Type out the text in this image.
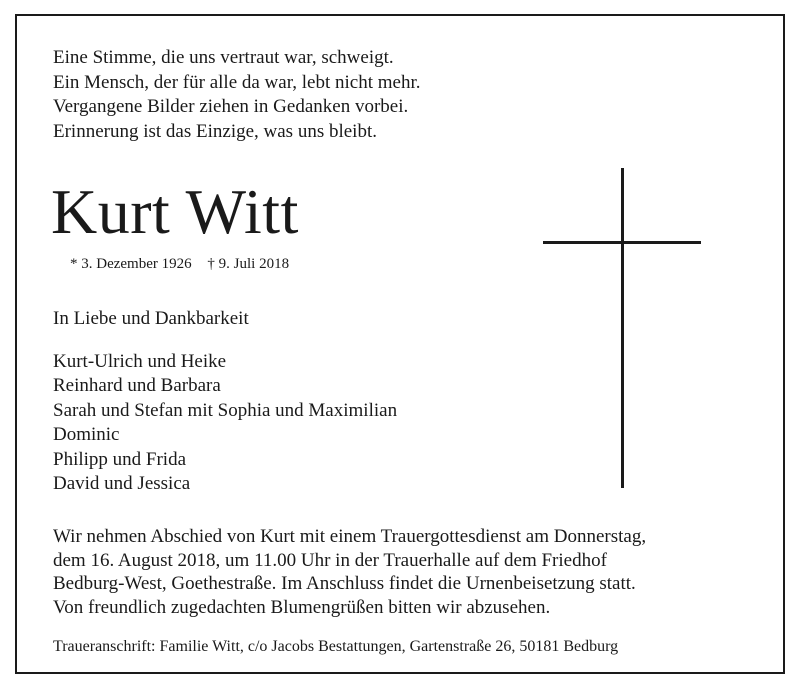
Eine Stimme, die uns vertraut war, schweigt.
Ein Mensch, der für alle da war, lebt nicht mehr.
Vergangene Bilder ziehen in Gedanken vorbei.
Erinnerung ist das Einzige, was uns bleibt.
Kurt Witt
* 3. Dezember 1926 † 9. Juli 2018
In Liebe und Dankbarkeit
Kurt-Ulrich und Heike
Reinhard und Barbara
Sarah und Stefan mit Sophia und Maximilian
Dominic
Philipp und Frida
David und Jessica
Wir nehmen Abschied von Kurt mit einem Trauergottesdienst am Donnerstag,
dem 16. August 2018, um 11.00 Uhr in der Trauerhalle auf dem Friedhof
Bedburg-West, Goethestraße. Im Anschluss findet die Urnenbeisetzung statt.
Von freundlich zugedachten Blumengrüßen bitten wir abzusehen.
Traueranschrift: Familie Witt, c/o Jacobs Bestattungen, Gartenstraße 26, 50181 Bedburg
